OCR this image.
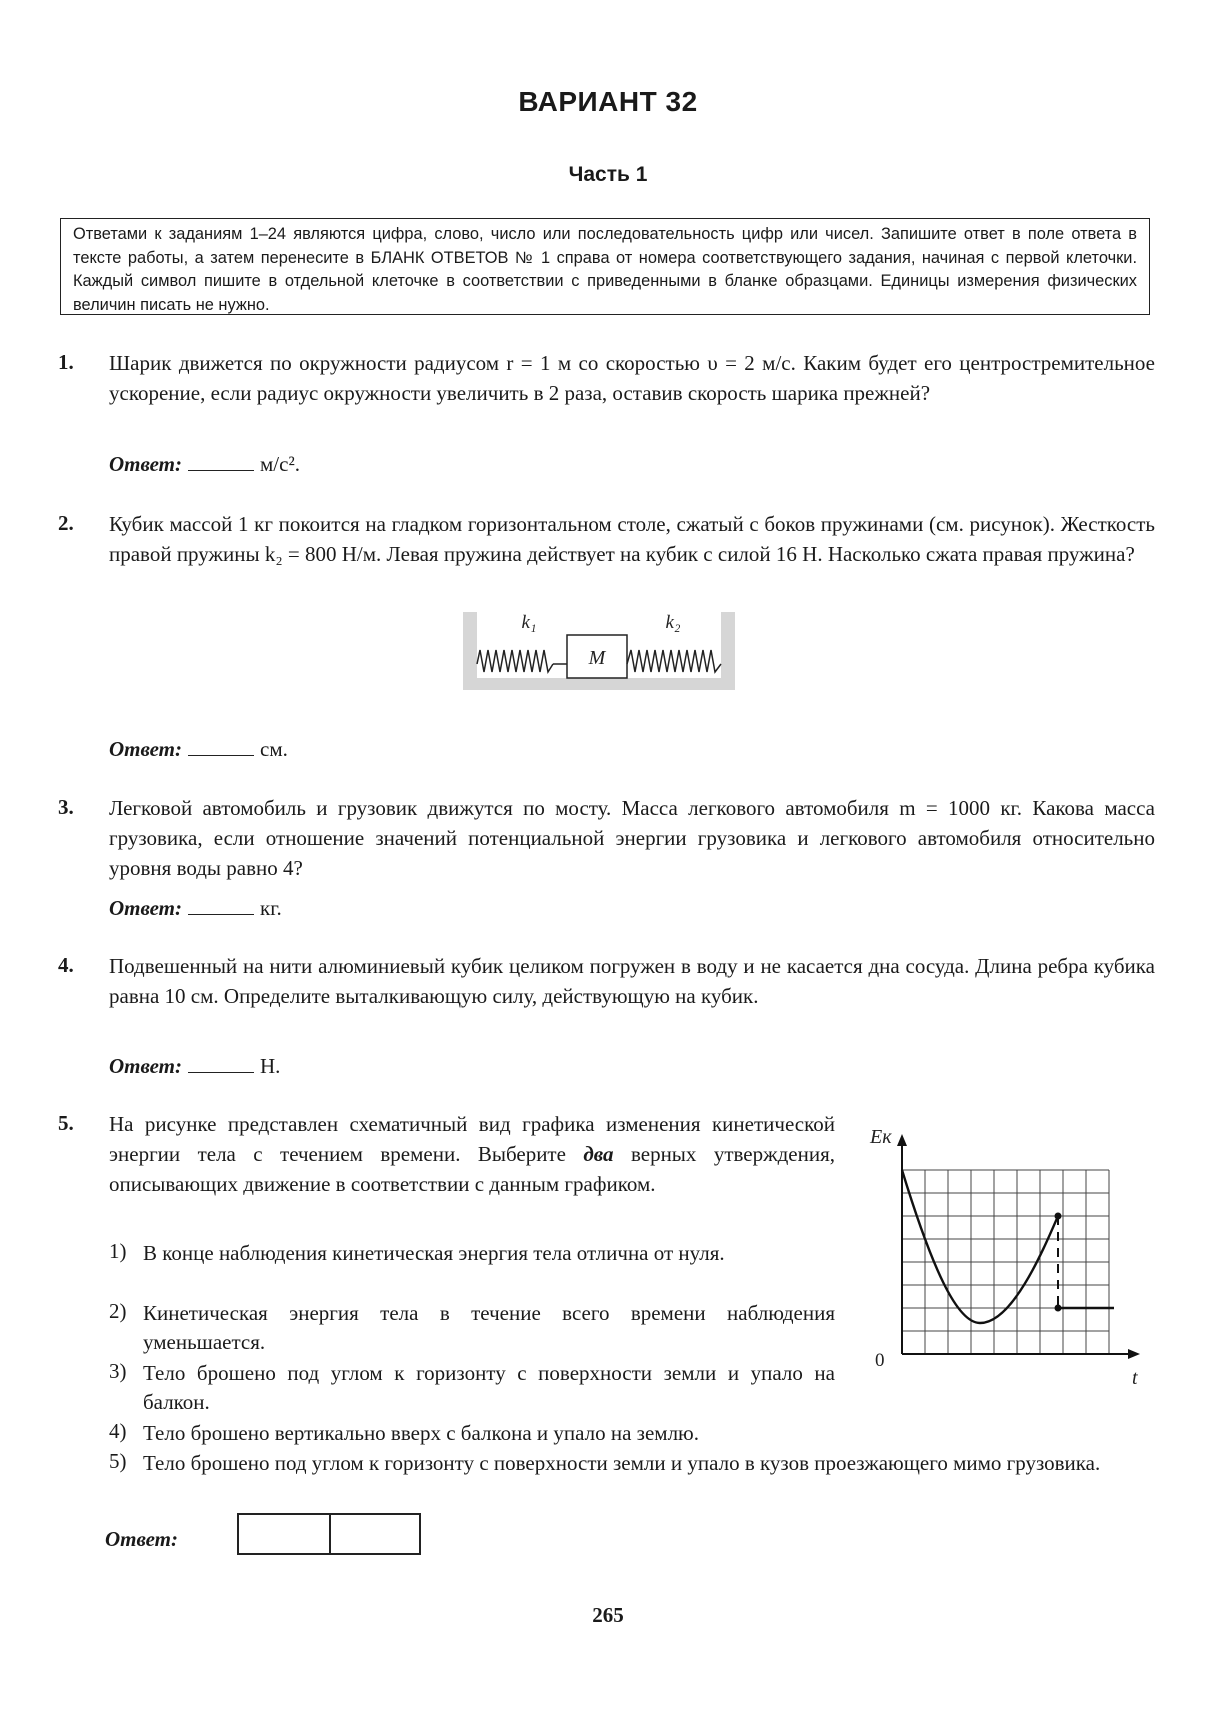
ВАРИАНТ 32
Часть 1
Ответами к заданиям 1–24 являются цифра, слово, число или последовательность цифр или чисел. Запишите ответ в поле ответа в тексте работы, а затем перенесите в БЛАНК ОТВЕТОВ № 1 справа от номера соответствующего задания, начиная с первой клеточки. Каждый символ пишите в отдельной клеточке в соответствии с приведенными в бланке образцами. Единицы измерения физических величин писать не нужно.
1. Шарик движется по окружности радиусом r = 1 м со скоростью υ = 2 м/с. Каким будет его центростремительное ускорение, если радиус окружности увеличить в 2 раза, оставив скорость шарика прежней?
Ответ:	м/с².
2. Кубик массой 1 кг покоится на гладком горизонтальном столе, сжатый с боков пружинами (см. рисунок). Жесткость правой пружины k₂ = 800 Н/м. Левая пружина действует на кубик с силой 16 Н. Насколько сжата правая пружина?
M
k₁	k₂
Ответ:	см.
3. Легковой автомобиль и грузовик движутся по мосту. Масса легкового автомобиля m = 1000 кг. Какова масса грузовика, если отношение значений потенциальной энергии грузовика и легкового автомобиля относительно уровня воды равно 4?
Ответ:	кг.
4. Подвешенный на нити алюминиевый кубик целиком погружен в воду и не касается дна сосуда. Длина ребра кубика равна 10 см. Определите выталкивающую силу, действующую на кубик.
Ответ:	Н.
5. На рисунке представлен схематичный вид графика изменения кинетической энергии тела с течением времени. Выберите два верных утверждения, описывающих движение в соответствии с данным графиком.
1) В конце наблюдения кинетическая энергия тела отлична от нуля.
2) Кинетическая энергия тела в течение всего времени наблюдения уменьшается.
3) Тело брошено под углом к горизонту с поверхности земли и упало на балкон.
4) Тело брошено вертикально вверх с балкона и упало на землю.
5) Тело брошено под углом к горизонту с поверхности земли и упало в кузов проезжающего мимо грузовика.
Eк
0
t
Ответ:
265
